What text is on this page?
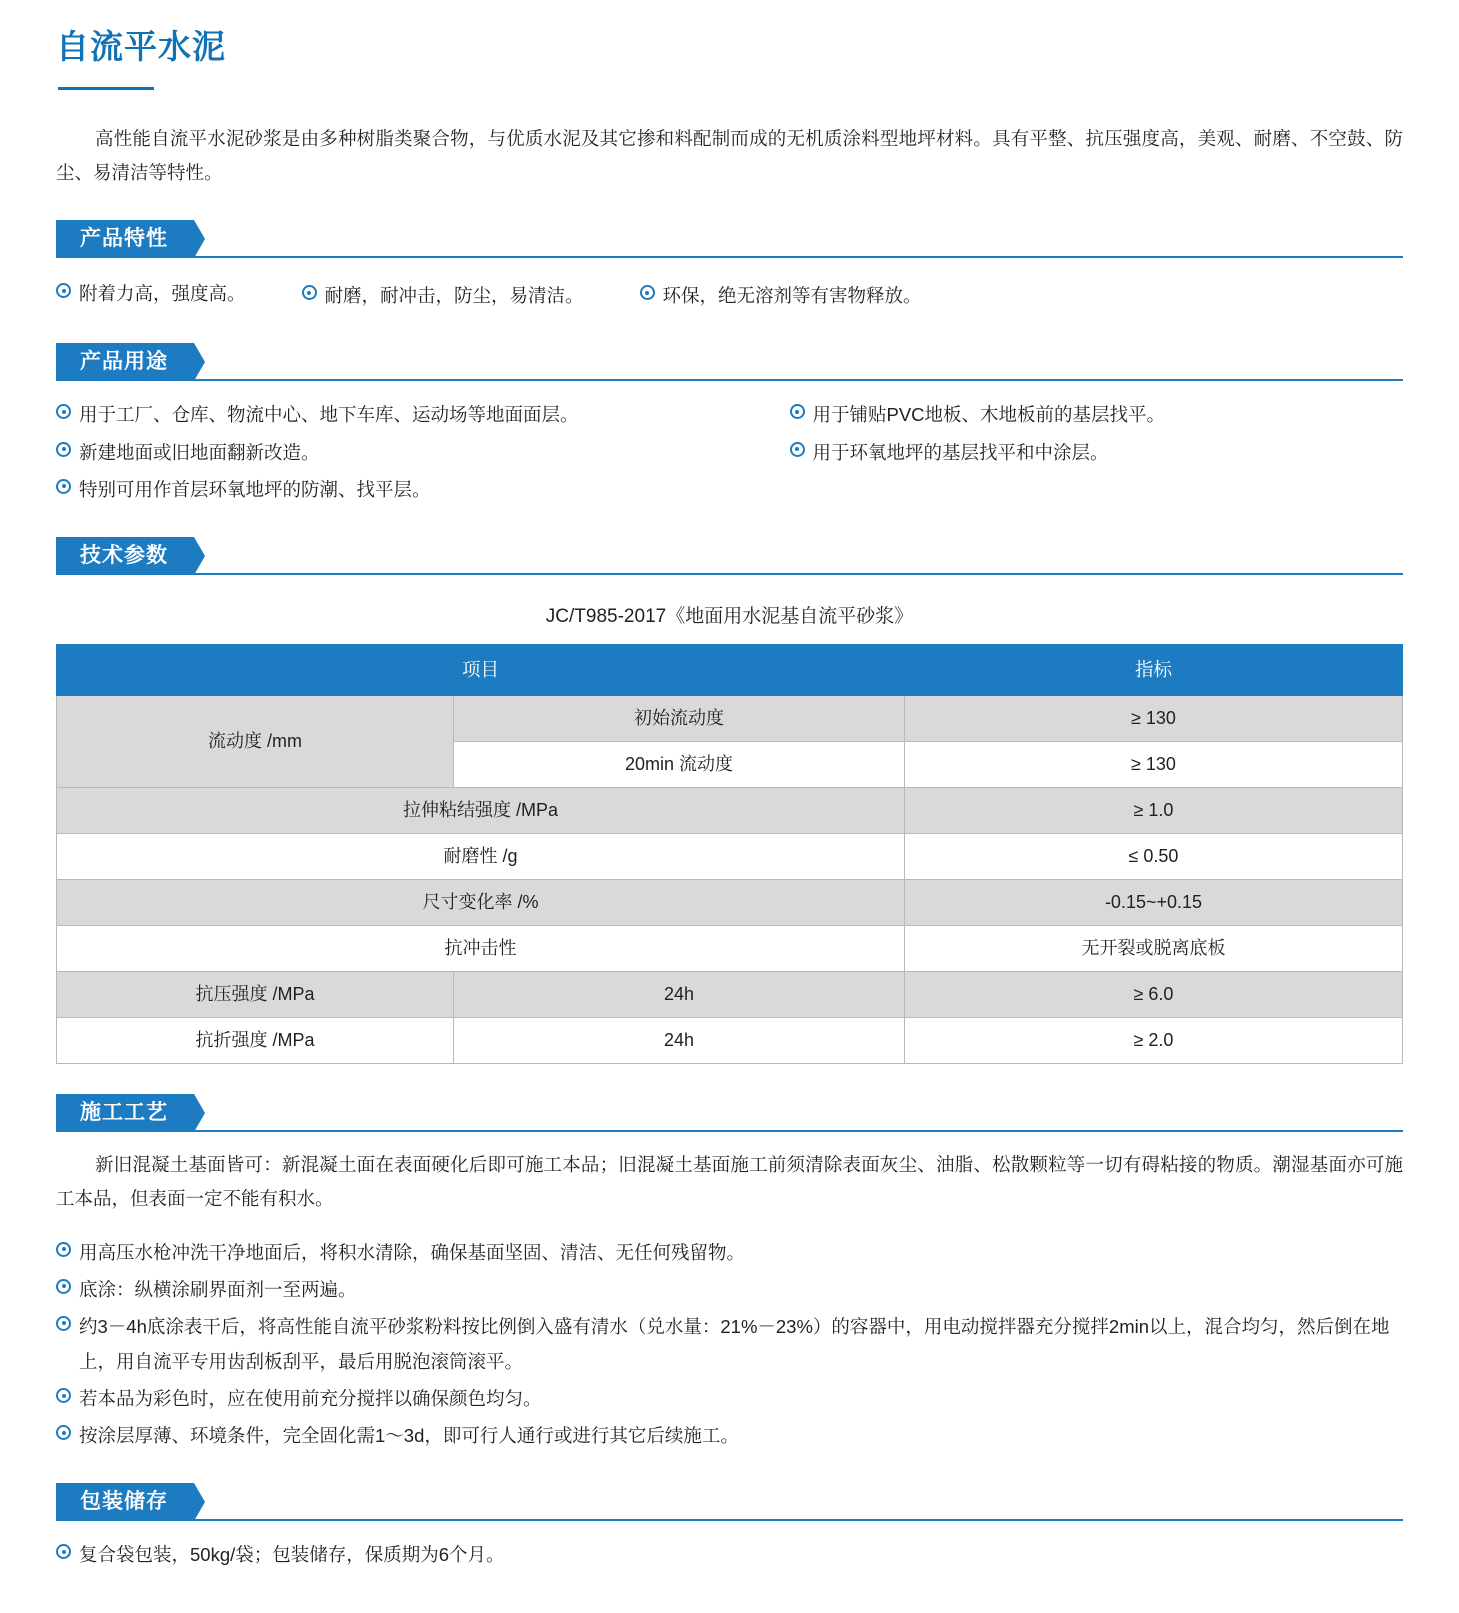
自流平水泥

高性能自流平水泥砂浆是由多种树脂类聚合物，与优质水泥及其它掺和料配制而成的无机质涂料型地坪材料。具有平整、抗压强度高，美观、耐磨、不空鼓、防尘、易清洁等特性。

产品特性
附着力高，强度高。	耐磨，耐冲击，防尘，易清洁。	环保，绝无溶剂等有害物释放。
产品用途
用于工厂、仓库、物流中心、地下车库、运动场等地面面层。
新建地面或旧地面翻新改造。
特别可用作首层环氧地坪的防潮、找平层。
用于铺贴PVC地板、木地板前的基层找平。
用于环氧地坪的基层找平和中涂层。
技术参数
JC/T985-2017《地面用水泥基自流平砂浆》
项目		指标
流动度 /mm	初始流动度	≥ 130
	20min 流动度	≥ 130
拉伸粘结强度 /MPa		≥ 1.0
耐磨性 /g		≤ 0.50
尺寸变化率 /%		-0.15~+0.15
抗冲击性		无开裂或脱离底板
抗压强度 /MPa	24h	≥ 6.0
抗折强度 /MPa	24h	≥ 2.0
施工工艺

新旧混凝土基面皆可：新混凝土面在表面硬化后即可施工本品；旧混凝土基面施工前须清除表面灰尘、油脂、松散颗粒等一切有碍粘接的物质。潮湿基面亦可施工本品，但表面一定不能有积水。

用高压水枪冲洗干净地面后，将积水清除，确保基面坚固、清洁、无任何残留物。
底涂：纵横涂刷界面剂一至两遍。
约3－4h底涂表干后，将高性能自流平砂浆粉料按比例倒入盛有清水（兑水量：21%－23%）的容器中，用电动搅拌器充分搅拌2min以上，混合均匀，然后倒在地上，用自流平专用齿刮板刮平，最后用脱泡滚筒滚平。
若本品为彩色时，应在使用前充分搅拌以确保颜色均匀。
按涂层厚薄、环境条件，完全固化需1～3d，即可行人通行或进行其它后续施工。
包装储存
复合袋包装，50kg/袋；包装储存，保质期为6个月。
